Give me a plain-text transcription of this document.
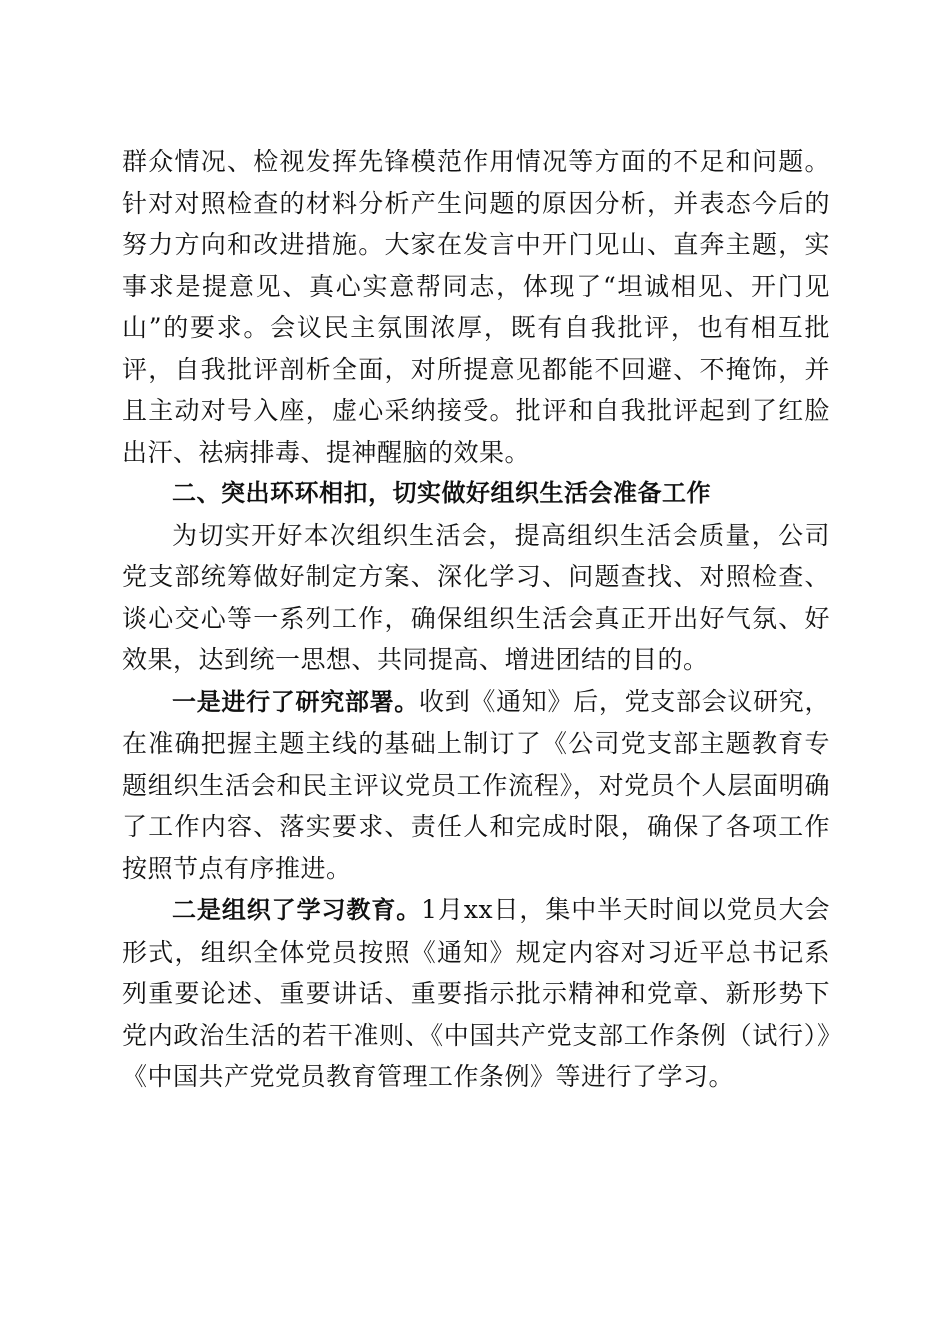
群众情况、检视发挥先锋模范作用情况等方面的不足和问题。针对对照检查的材料分析产生问题的原因分析，并表态今后的努力方向和改进措施。大家在发言中开门见山、直奔主题，实事求是提意见、真心实意帮同志，体现了“坦诚相见、开门见山”的要求。会议民主氛围浓厚，既有自我批评，也有相互批评，自我批评剖析全面，对所提意见都能不回避、不掩饰，并且主动对号入座，虚心采纳接受。批评和自我批评起到了红脸出汗、祛病排毒、提神醒脑的效果。

二、突出环环相扣，切实做好组织生活会准备工作

为切实开好本次组织生活会，提高组织生活会质量，公司党支部统筹做好制定方案、深化学习、问题查找、对照检查、谈心交心等一系列工作，确保组织生活会真正开出好气氛、好效果，达到统一思想、共同提高、增进团结的目的。

一是进行了研究部署。收到《通知》后，党支部会议研究，在准确把握主题主线的基础上制订了《公司党支部主题教育专题组织生活会和民主评议党员工作流程》，对党员个人层面明确了工作内容、落实要求、责任人和完成时限，确保了各项工作按照节点有序推进。

二是组织了学习教育。1月xx日，集中半天时间以党员大会形式，组织全体党员按照《通知》规定内容对习近平总书记系列重要论述、重要讲话、重要指示批示精神和党章、新形势下党内政治生活的若干准则、《中国共产党支部工作条例（试行）》《中国共产党党员教育管理工作条例》等进行了学习。
